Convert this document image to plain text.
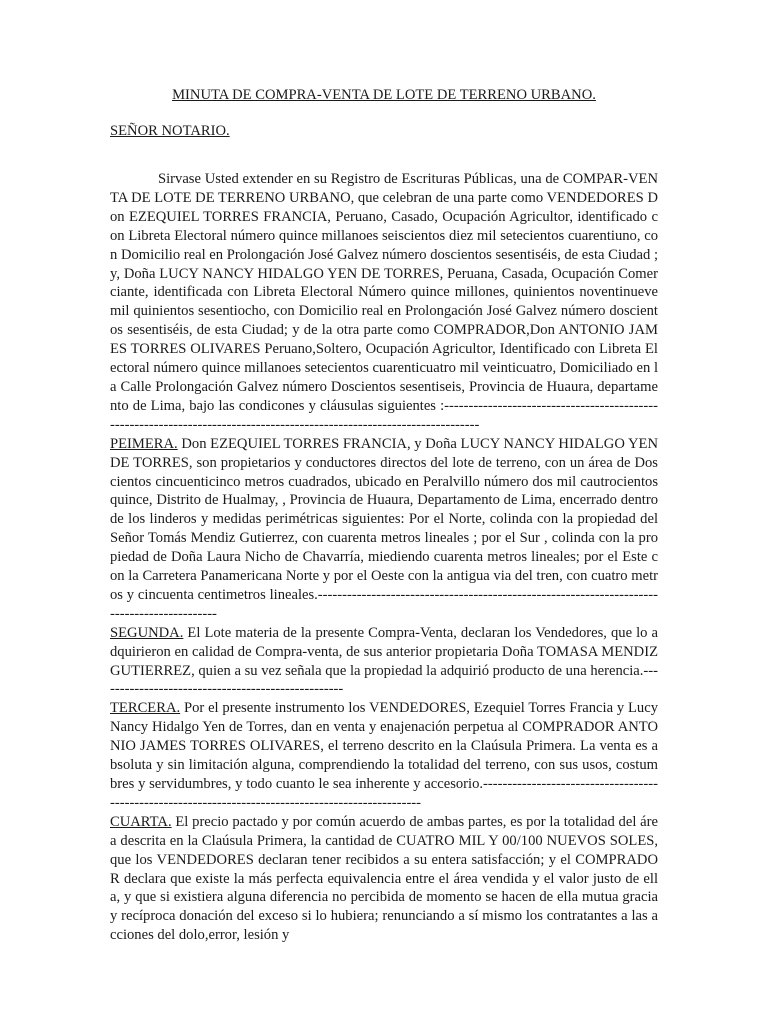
MINUTA DE COMPRA-VENTA DE LOTE DE TERRENO URBANO.

SEÑOR NOTARIO.

Sirvase Usted extender en su Registro de Escrituras Públicas, una de COMPAR-VENTA DE LOTE DE TERRENO URBANO, que celebran de una parte como VENDEDORES Don EZEQUIEL TORRES FRANCIA, Peruano, Casado, Ocupación Agricultor, identificado con Libreta Electoral número quince millanoes seiscientos diez mil setecientos cuarentiuno, con Domicilio real en Prolongación José Galvez número doscientos sesentiséis, de esta Ciudad ;y, Doña LUCY NANCY HIDALGO YEN DE TORRES, Peruana, Casada, Ocupación Comerciante, identificada con Libreta Electoral Número quince millones, quinientos noventinueve mil quinientos sesentiocho, con Domicilio real en Prolongación José Galvez número doscientos sesentiséis, de esta Ciudad; y de la otra parte como COMPRADOR,Don ANTONIO JAMES TORRES OLIVARES Peruano,Soltero, Ocupación Agricultor, Identificado con Libreta Electoral número quince millanoes setecientos cuarenticuatro mil veinticuatro, Domiciliado en la Calle Prolongación Galvez número Doscientos sesentiseis, Provincia de Huaura, departamento de Lima, bajo las condicones y cláusulas siguientes :------------------------------------------------------------------------------------------------------------------------

PEIMERA. Don EZEQUIEL TORRES FRANCIA, y Doña LUCY NANCY HIDALGO YEN DE TORRES, son propietarios y conductores directos del lote de terreno, con un área de Doscientos cincuenticinco metros cuadrados, ubicado en Peralvillo número dos mil cautrocientos quince, Distrito de Hualmay, , Provincia de Huaura, Departamento de Lima, encerrado dentro de los linderos y medidas perimétricas siguientes: Por el Norte, colinda con la propiedad del Señor Tomás Mendiz Gutierrez, con cuarenta metros lineales ; por el Sur , colinda con la propiedad de Doña Laura Nicho de Chavarría, miediendo cuarenta metros lineales; por el Este con la Carretera Panamericana Norte y por el Oeste con la antigua via del tren, con cuatro metros y cincuenta centimetros lineales.--------------------------------------------------------------------------------------------

SEGUNDA. El Lote materia de la presente Compra-Venta, declaran los Vendedores, que lo adquirieron en calidad de Compra-venta, de sus anterior propietaria Doña TOMASA MENDIZ GUTIERREZ, quien a su vez señala que la propiedad la adquirió producto de una herencia.---------------------------------------------------

TERCERA. Por el presente instrumento los VENDEDORES, Ezequiel Torres Francia y Lucy Nancy Hidalgo Yen de Torres, dan en venta y enajenación perpetua al COMPRADOR ANTONIO JAMES TORRES OLIVARES, el terreno descrito en la Claúsula Primera. La venta es absoluta y sin limitación alguna, comprendiendo la totalidad del terreno, con sus usos, costumbres y servidumbres, y todo cuanto le sea inherente y accesorio.----------------------------------------------------------------------------------------------------

CUARTA. El precio pactado y por común acuerdo de ambas partes, es por la totalidad del área descrita en la Claúsula Primera, la cantidad de CUATRO MIL Y 00/100 NUEVOS SOLES, que los VENDEDORES declaran tener recibidos a su entera satisfacción; y el COMPRADOR declara que existe la más perfecta equivalencia entre el área vendida y el valor justo de ella, y que si existiera alguna diferencia no percibida de momento se hacen de ella mutua gracia y recíproca donación del exceso si lo hubiera; renunciando a sí mismo los contratantes a las acciones del dolo,error, lesión y
